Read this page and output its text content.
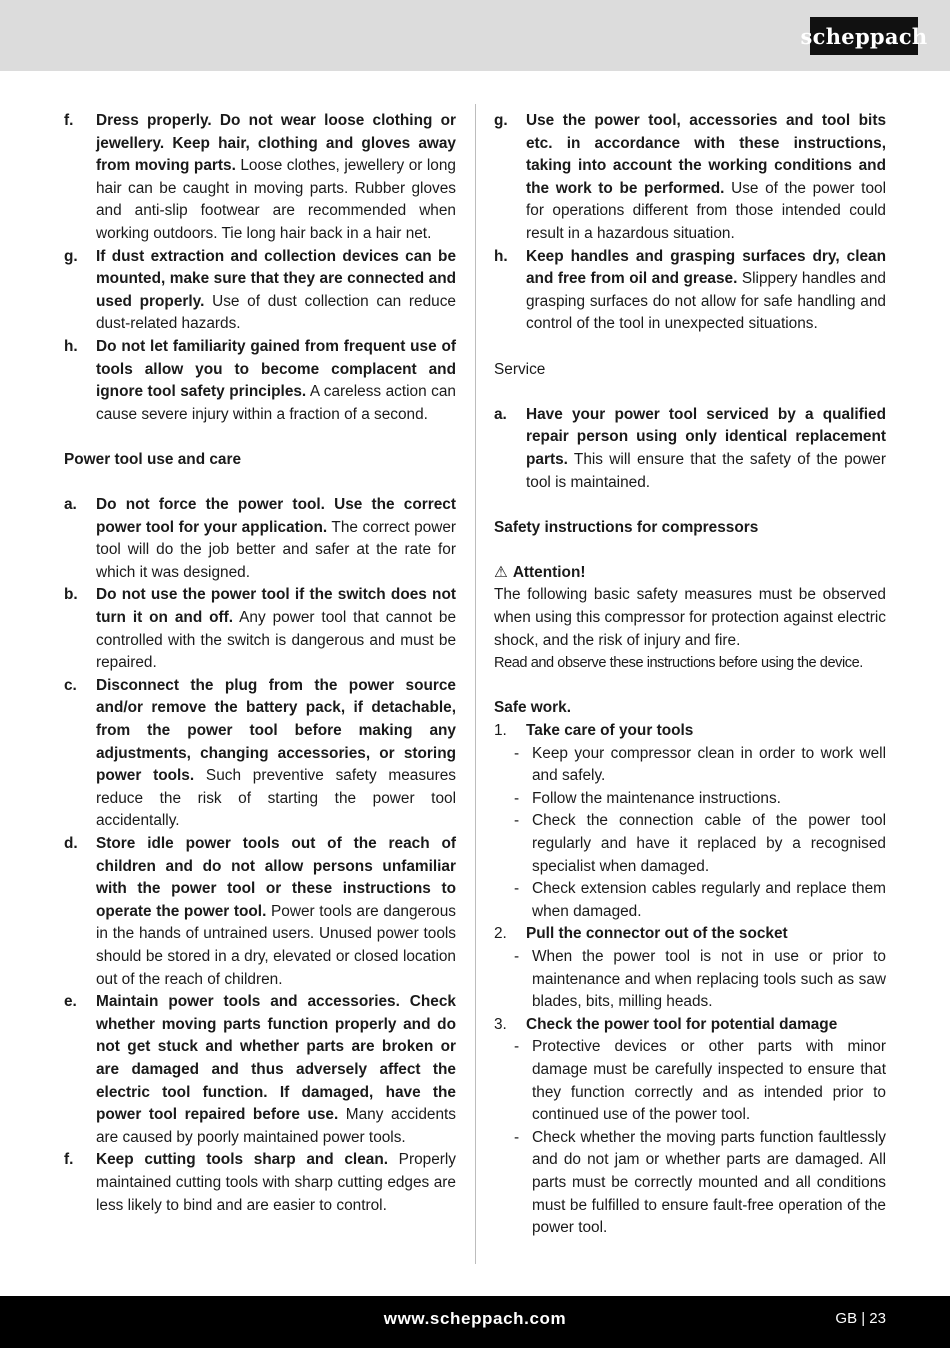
scheppach
f.	Dress properly. Do not wear loose clothing or jewellery. Keep hair, clothing and gloves away from moving parts. Loose clothes, jewellery or long hair can be caught in moving parts. Rubber gloves and anti-slip footwear are recommended when working outdoors. Tie long hair back in a hair net.
g.	If dust extraction and collection devices can be mounted, make sure that they are connected and used properly. Use of dust collection can reduce dust-related hazards.
h.	Do not let familiarity gained from frequent use of tools allow you to become complacent and ignore tool safety principles. A careless action can cause severe injury within a fraction of a second.
Power tool use and care
a.	Do not force the power tool. Use the correct power tool for your application. The correct power tool will do the job better and safer at the rate for which it was designed.
b.	Do not use the power tool if the switch does not turn it on and off. Any power tool that cannot be controlled with the switch is dangerous and must be repaired.
c.	Disconnect the plug from the power source and/or remove the battery pack, if detachable, from the power tool before making any adjustments, changing accessories, or storing power tools. Such preventive safety measures reduce the risk of starting the power tool accidentally.
d.	Store idle power tools out of the reach of children and do not allow persons unfamiliar with the power tool or these instructions to operate the power tool. Power tools are dangerous in the hands of untrained users. Unused power tools should be stored in a dry, elevated or closed location out of the reach of children.
e.	Maintain power tools and accessories. Check whether moving parts function properly and do not get stuck and whether parts are broken or are damaged and thus adversely affect the electric tool function. If damaged, have the power tool repaired before use. Many accidents are caused by poorly maintained power tools.
f.	Keep cutting tools sharp and clean. Properly maintained cutting tools with sharp cutting edges are less likely to bind and are easier to control.
g.	Use the power tool, accessories and tool bits etc. in accordance with these instructions, taking into account the working conditions and the work to be performed. Use of the power tool for operations different from those intended could result in a hazardous situation.
h.	Keep handles and grasping surfaces dry, clean and free from oil and grease. Slippery handles and grasping surfaces do not allow for safe handling and control of the tool in unexpected situations.
Service
a.	Have your power tool serviced by a qualified repair person using only identical replacement parts. This will ensure that the safety of the power tool is maintained.
Safety instructions for compressors
⚠ Attention!
The following basic safety measures must be observed when using this compressor for protection against electric shock, and the risk of injury and fire.
Read and observe these instructions before using the device.
Safe work.
1.	Take care of your tools
- Keep your compressor clean in order to work well and safely.
- Follow the maintenance instructions.
- Check the connection cable of the power tool regularly and have it replaced by a recognised specialist when damaged.
- Check extension cables regularly and replace them when damaged.
2.	Pull the connector out of the socket
- When the power tool is not in use or prior to maintenance and when replacing tools such as saw blades, bits, milling heads.
3.	Check the power tool for potential damage
- Protective devices or other parts with minor damage must be carefully inspected to ensure that they function correctly and as intended prior to continued use of the power tool.
- Check whether the moving parts function faultlessly and do not jam or whether parts are damaged. All parts must be correctly mounted and all conditions must be fulfilled to ensure fault-free operation of the power tool.
www.scheppach.com	GB | 23
